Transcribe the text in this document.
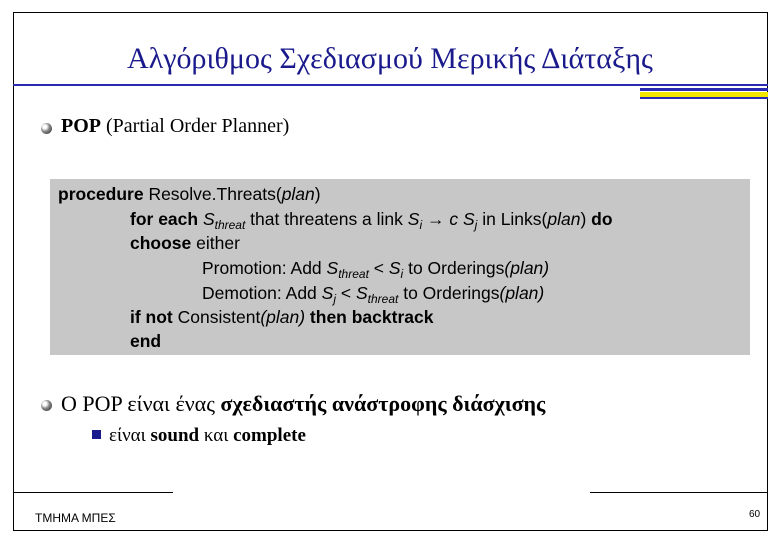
Αλγόριθμος Σχεδιασμού Μερικής Διάταξης
POP (Partial Order Planner)
procedure Resolve.Threats(plan)
for each $S_{threat}$ that threatens a link $S_i \to c$ $S_j$ in Links(plan) do
choose either
Promotion: Add $S_{threat} < S_i$ to Orderings(plan)
Demotion: Add $S_j < S_{threat}$ to Orderings(plan)
if not Consistent(plan) then backtrack
end
Ο POP είναι ένας σχεδιαστής ανάστροφης διάσχισης
είναι sound και complete
ΤΜΗΜΑ ΜΠΕΣ	60
